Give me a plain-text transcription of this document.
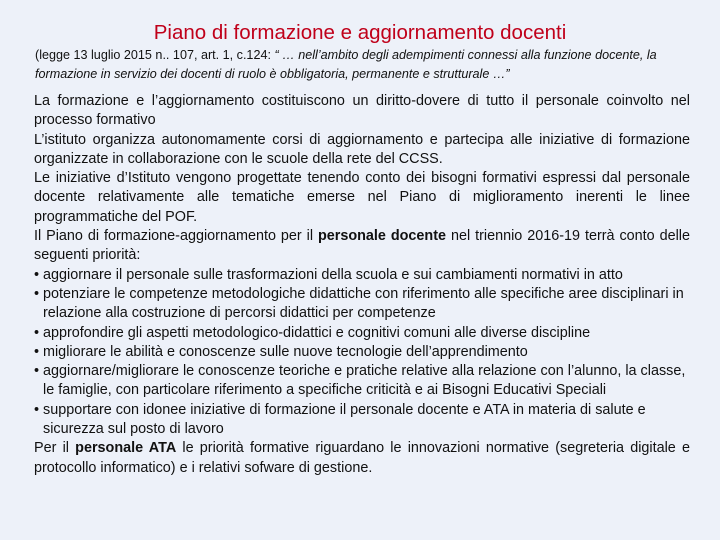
Piano di formazione e aggiornamento docenti
(legge 13 luglio 2015 n.. 107, art. 1, c.124: “ … nell’ambito degli adempimenti connessi alla funzione docente, la formazione in servizio dei docenti di ruolo è obbligatoria, permanente e strutturale …”

La formazione e l’aggiornamento costituiscono un diritto-dovere di tutto il personale coinvolto nel processo formativo

L’istituto organizza autonomamente corsi di aggiornamento e partecipa alle iniziative di formazione organizzate in collaborazione con le scuole della rete del CCSS.

Le iniziative d’Istituto vengono progettate tenendo conto dei bisogni formativi espressi dal personale docente relativamente alle tematiche emerse nel Piano di miglioramento inerenti le linee programmatiche del POF.

Il Piano di formazione-aggiornamento per il personale docente nel triennio 2016-19 terrà conto delle seguenti priorità:

• aggiornare il personale sulle trasformazioni della scuola e sui cambiamenti normativi in atto
• potenziare le competenze metodologiche didattiche con riferimento alle specifiche aree disciplinari in relazione alla costruzione di percorsi didattici per competenze
• approfondire gli aspetti metodologico-didattici e cognitivi comuni alle diverse discipline
• migliorare le abilità e conoscenze sulle nuove tecnologie dell’apprendimento
• aggiornare/migliorare le conoscenze teoriche e pratiche relative alla relazione con l’alunno, la classe, le famiglie, con particolare riferimento a specifiche criticità e ai Bisogni Educativi Speciali
• supportare con idonee iniziative di formazione il personale docente e ATA in materia di salute e sicurezza sul posto di lavoro

Per il personale ATA le priorità formative riguardano le innovazioni normative (segreteria digitale e protocollo informatico) e i relativi sofware di gestione.
